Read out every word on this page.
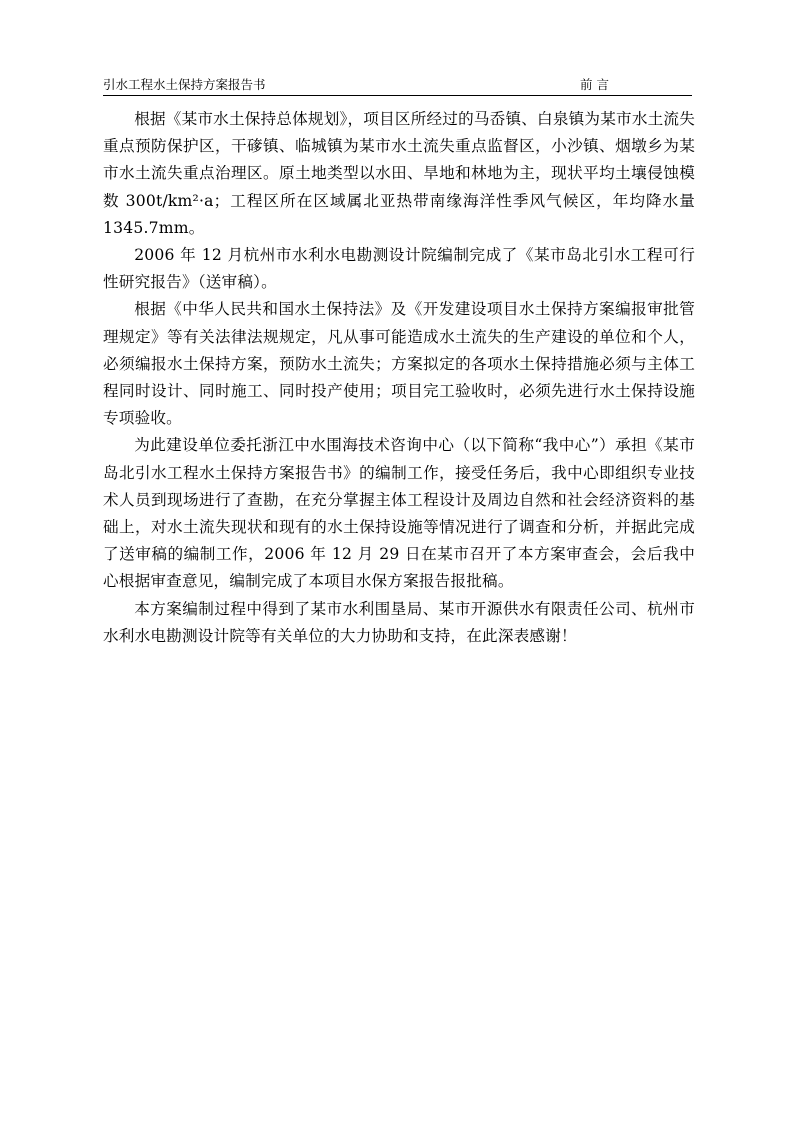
引水工程水土保持方案报告书	前言

根据《某市水土保持总体规划》，项目区所经过的马岙镇、白泉镇为某市水土流失重点预防保护区，干䃎镇、临城镇为某市水土流失重点监督区，小沙镇、烟墩乡为某市水土流失重点治理区。原土地类型以水田、旱地和林地为主，现状平均土壤侵蚀模数 300t/km²·a；工程区所在区域属北亚热带南缘海洋性季风气候区，年均降水量 1345.7mm。

2006 年 12 月杭州市水利水电勘测设计院编制完成了《某市岛北引水工程可行性研究报告》（送审稿）。

根据《中华人民共和国水土保持法》及《开发建设项目水土保持方案编报审批管理规定》等有关法律法规规定，凡从事可能造成水土流失的生产建设的单位和个人，必须编报水土保持方案，预防水土流失；方案拟定的各项水土保持措施必须与主体工程同时设计、同时施工、同时投产使用；项目完工验收时，必须先进行水土保持设施专项验收。

为此建设单位委托浙江中水围海技术咨询中心（以下简称“我中心”）承担《某市岛北引水工程水土保持方案报告书》的编制工作，接受任务后，我中心即组织专业技术人员到现场进行了查勘，在充分掌握主体工程设计及周边自然和社会经济资料的基础上，对水土流失现状和现有的水土保持设施等情况进行了调查和分析，并据此完成了送审稿的编制工作，2006 年 12 月 29 日在某市召开了本方案审查会，会后我中心根据审查意见，编制完成了本项目水保方案报告报批稿。

本方案编制过程中得到了某市水利围垦局、某市开源供水有限责任公司、杭州市水利水电勘测设计院等有关单位的大力协助和支持，在此深表感谢！
